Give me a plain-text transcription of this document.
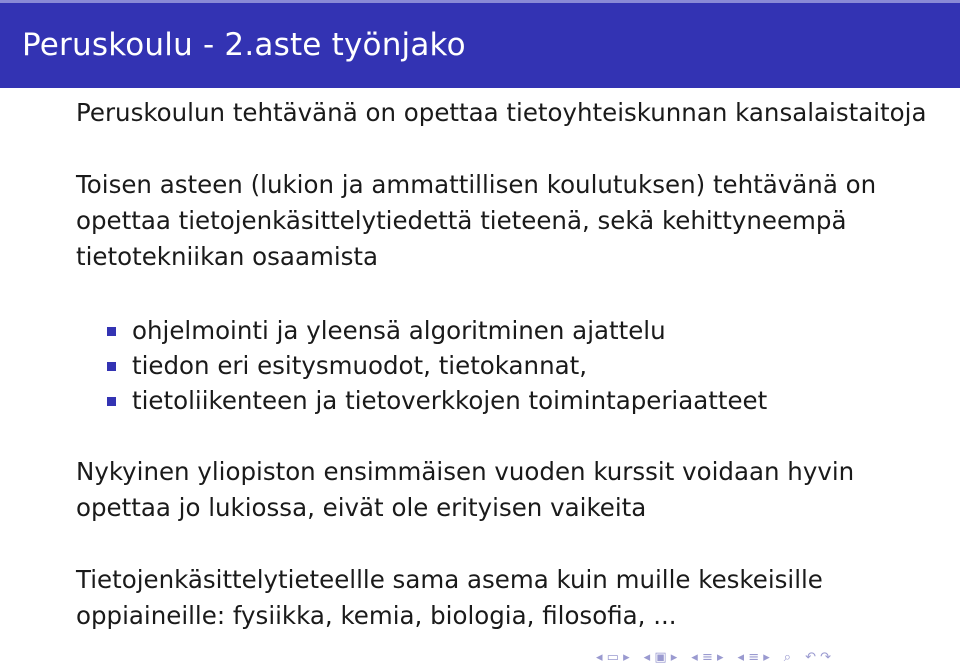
Peruskoulu - 2.aste työnjako

Peruskoulun tehtävänä on opettaa tietoyhteiskunnan kansalaistaitoja

Toisen asteen (lukion ja ammattillisen koulutuksen) tehtävänä on opettaa tietojenkäsittelytiedettä tieteenä, sekä kehittyneempä tietotekniikan osaamista

ohjelmointi ja yleensä algoritminen ajattelu
tiedon eri esitysmuodot, tietokannat,
tietoliikenteen ja tietoverkkojen toimintaperiaatteet

Nykyinen yliopiston ensimmäisen vuoden kurssit voidaan hyvin opettaa jo lukiossa, eivät ole erityisen vaikeita

Tietojenkäsittelytieteellle sama asema kuin muille keskeisille oppiaineille: fysiikka, kemia, biologia, filosofia, ...

◂ ▭ ▸ ◂ ▣ ▸ ◂ ≡ ▸ ◂ ≡ ▸ ⌕ ↶ ↷
